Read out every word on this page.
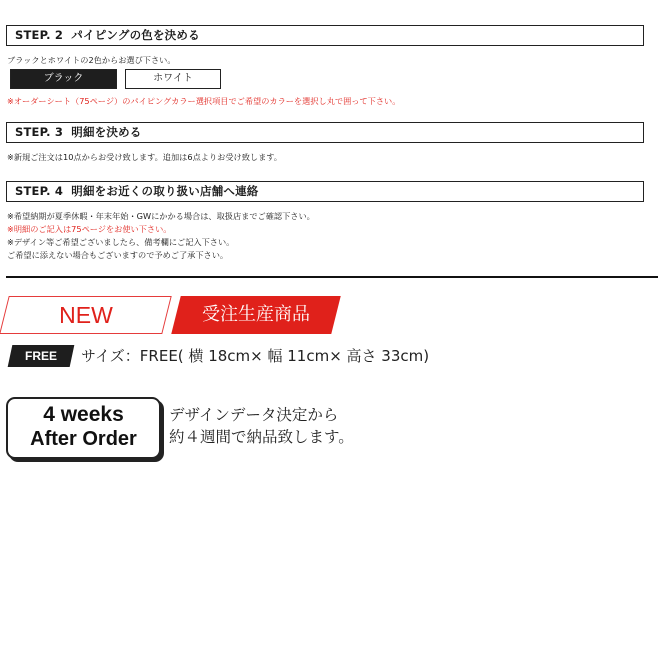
STEP. 2 パイピングの色を決める
ブラックとホワイトの2色からお選び下さい。
ブラック	ホワイト
※オーダーシート（75ページ）のパイピングカラー選択項目でご希望のカラーを選択し丸で囲って下さい。
STEP. 3 明細を決める
※新規ご注文は10点からお受け致します。追加は6点よりお受け致します。
STEP. 4 明細をお近くの取り扱い店舗へ連絡
※希望納期が夏季休暇・年末年始・GWにかかる場合は、取扱店までご確認下さい。
※明細のご記入は75ページをお使い下さい。
※デザイン等ご希望ございましたら、備考欄にご記入下さい。
ご希望に添えない場合もございますので予めご了承下さい。
NEW	受注生産商品
FREE	サイズ：FREE( 横 18cm× 幅 11cm× 高さ 33cm)
4 weeks
After Order
デザインデータ決定から
約４週間で納品致します。
